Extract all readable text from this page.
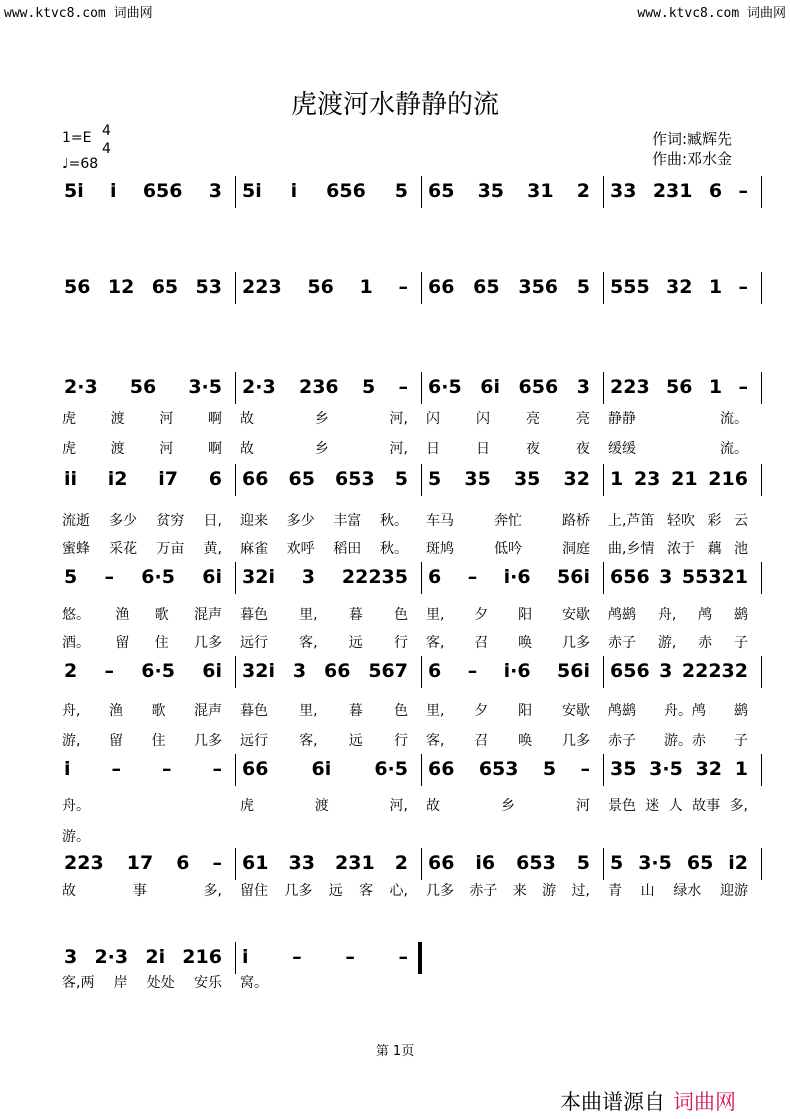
www.ktvc8.com 词曲网	www.ktvc8.com 词曲网
虎渡河水静静的流
1=E 4
4
♩=68
作词:臧辉先
作曲:邓水金
5i i 656 3 5i i 656 5 65 35 31 2 33 231 6 –
56 12 65 53 223 56 1 – 66 65 356 5 555 32 1 –
2·3 56 3·5 2·3 236 5 – 6·5 6i 656 3 223 56 1 –
虎 渡 河 啊 故	乡	河, 闪	闪	亮	亮 静静	流。
虎 渡 河 啊 故	乡	河, 日	日	夜	夜 缓缓	流。
ii i2 i7 6 66 65 653 5 5 35 35 32 1 23 21 216
流逝 多少 贫穷 日, 迎来 多少 丰富 秋。 车马	奔忙	路桥 上,芦笛 轻吹 彩 云
蜜蜂 采花 万亩 黄, 麻雀 欢呼 稻田 秋。 斑鸠	低吟	洞庭 曲,乡情 浓于 藕 池
5 – 6·5 6i 32i 3 22235 6 – i·6 56i 656 3 55321
悠。 渔 歌 混声 暮色 里, 暮 色 里, 夕 阳 安歇 鸬鹚 舟, 鸬 鹚
酒。 留 住 几多 远行 客, 远 行 客, 召 唤 几多 赤子 游, 赤 子
2 – 6·5 6i 32i 3 66 567 6 – i·6 56i 656 3 22232
舟, 渔 歌 混声 暮色 里, 暮 色 里, 夕 阳 安歇 鸬鹚 舟。鸬 鹚
游, 留 住 几多 远行 客, 远 行 客, 召 唤 几多 赤子 游。赤 子
i – – – 66 6i 6·5 66 653 5 – 35 3·5 32 1
舟。	虎	渡	河, 故	乡	河 景色 迷 人 故事 多,
游。
223 17 6 – 61 33 231 2 66 i6 653 5 5 3·5 65 i2
故	事	多, 留住 几多 远 客 心, 几多 赤子 来 游 过, 青 山 绿水 迎游
3 2·3 2i 216 i – – –
客,两 岸 处处 安乐 窝。
第 1页
本曲谱源自 词曲网
